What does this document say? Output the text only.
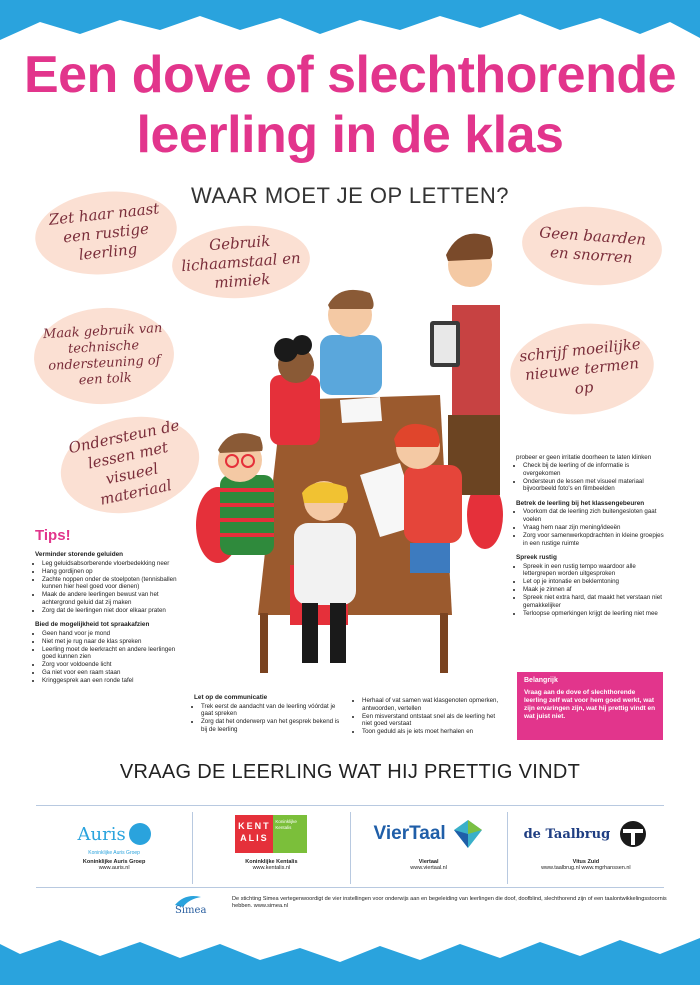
Een dove of slechthorende
leerling in de klas

WAAR MOET JE OP LETTEN?

Zet haar naast een rustige leerling	Gebruik lichaamstaal en mimiek
Geen baarden en snorren
Maak gebruik van technische ondersteuning of een tolk
schrijf moeilijke nieuwe termen op
Ondersteun de lessen met visueel materiaal
Tips!
Verminder storende geluiden
• Leg geluidsabsorberende vloerbedekking neer
• Hang gordijnen op
• Zachte noppen onder de stoelpoten (tennisballen kunnen hier heel goed voor dienen)
• Maak de andere leerlingen bewust van het achtergrond geluid dat zij maken
• Zorg dat de leerlingen niet door elkaar praten
Bied de mogelijkheid tot spraakafzien
• Geen hand voor je mond
• Niet met je rug naar de klas spreken
• Leerling moet de leerkracht en andere leerlingen goed kunnen zien
• Zorg voor voldoende licht
• Ga niet voor een raam staan
• Kringgesprek aan een ronde tafel
Let op de communicatie
• Trek eerst de aandacht van de leerling vóórdat je gaat spreken
• Zorg dat het onderwerp van het gesprek bekend is bij de leerling
• Herhaal of vat samen wat klasgenoten opmerken, antwoorden, vertellen
• Een misverstand ontstaat snel als de leerling het niet goed verstaat
• Toon geduld als je iets moet herhalen en
probeer er geen irritatie doorheen te laten klinken
• Check bij de leerling of de informatie is overgekomen
• Ondersteun de lessen met visueel materiaal bijvoorbeeld foto's en filmbeelden
Betrek de leerling bij het klassengebeuren
• Voorkom dat de leerling zich buitengesloten gaat voelen
• Vraag hem naar zijn mening/ideeën
• Zorg voor samenwerkopdrachten in kleine groepjes in een rustige ruimte
Spreek rustig
• Spreek in een rustig tempo waardoor alle lettergrepen worden uitgesproken
• Let op je intonatie en beklemtoning
• Maak je zinnen af
• Spreek niet extra hard, dat maakt het verstaan niet gemakkelijker
• Terloopse opmerkingen krijgt de leerling niet mee
Belangrijk
Vraag aan de dove of slechthorende leerling zelf wat voor hem goed werkt, wat zijn ervaringen zijn, wat hij prettig vindt en wat juist niet.

VRAAG DE LEERLING WAT HIJ PRETTIG VINDT

Auris
Koninklijke Auris Groep
Koninklijke Auris Groep
www.auris.nl
KENTALIS
Koninklijke Kentalis
Koninklijke Kentalis
www.kentalis.nl
VierTaal
Viertaal
www.viertaal.nl
de Taalbrug
Vitus Zuid
www.taalbrug.nl www.mgrhanssen.nl
Simea
De stichting Simea vertegenwoordigt de vier instellingen voor onderwijs aan en begeleiding van leerlingen die doof, doofblind, slechthorend zijn of een taalontwikkelingsstoornis hebben. www.simea.nl
